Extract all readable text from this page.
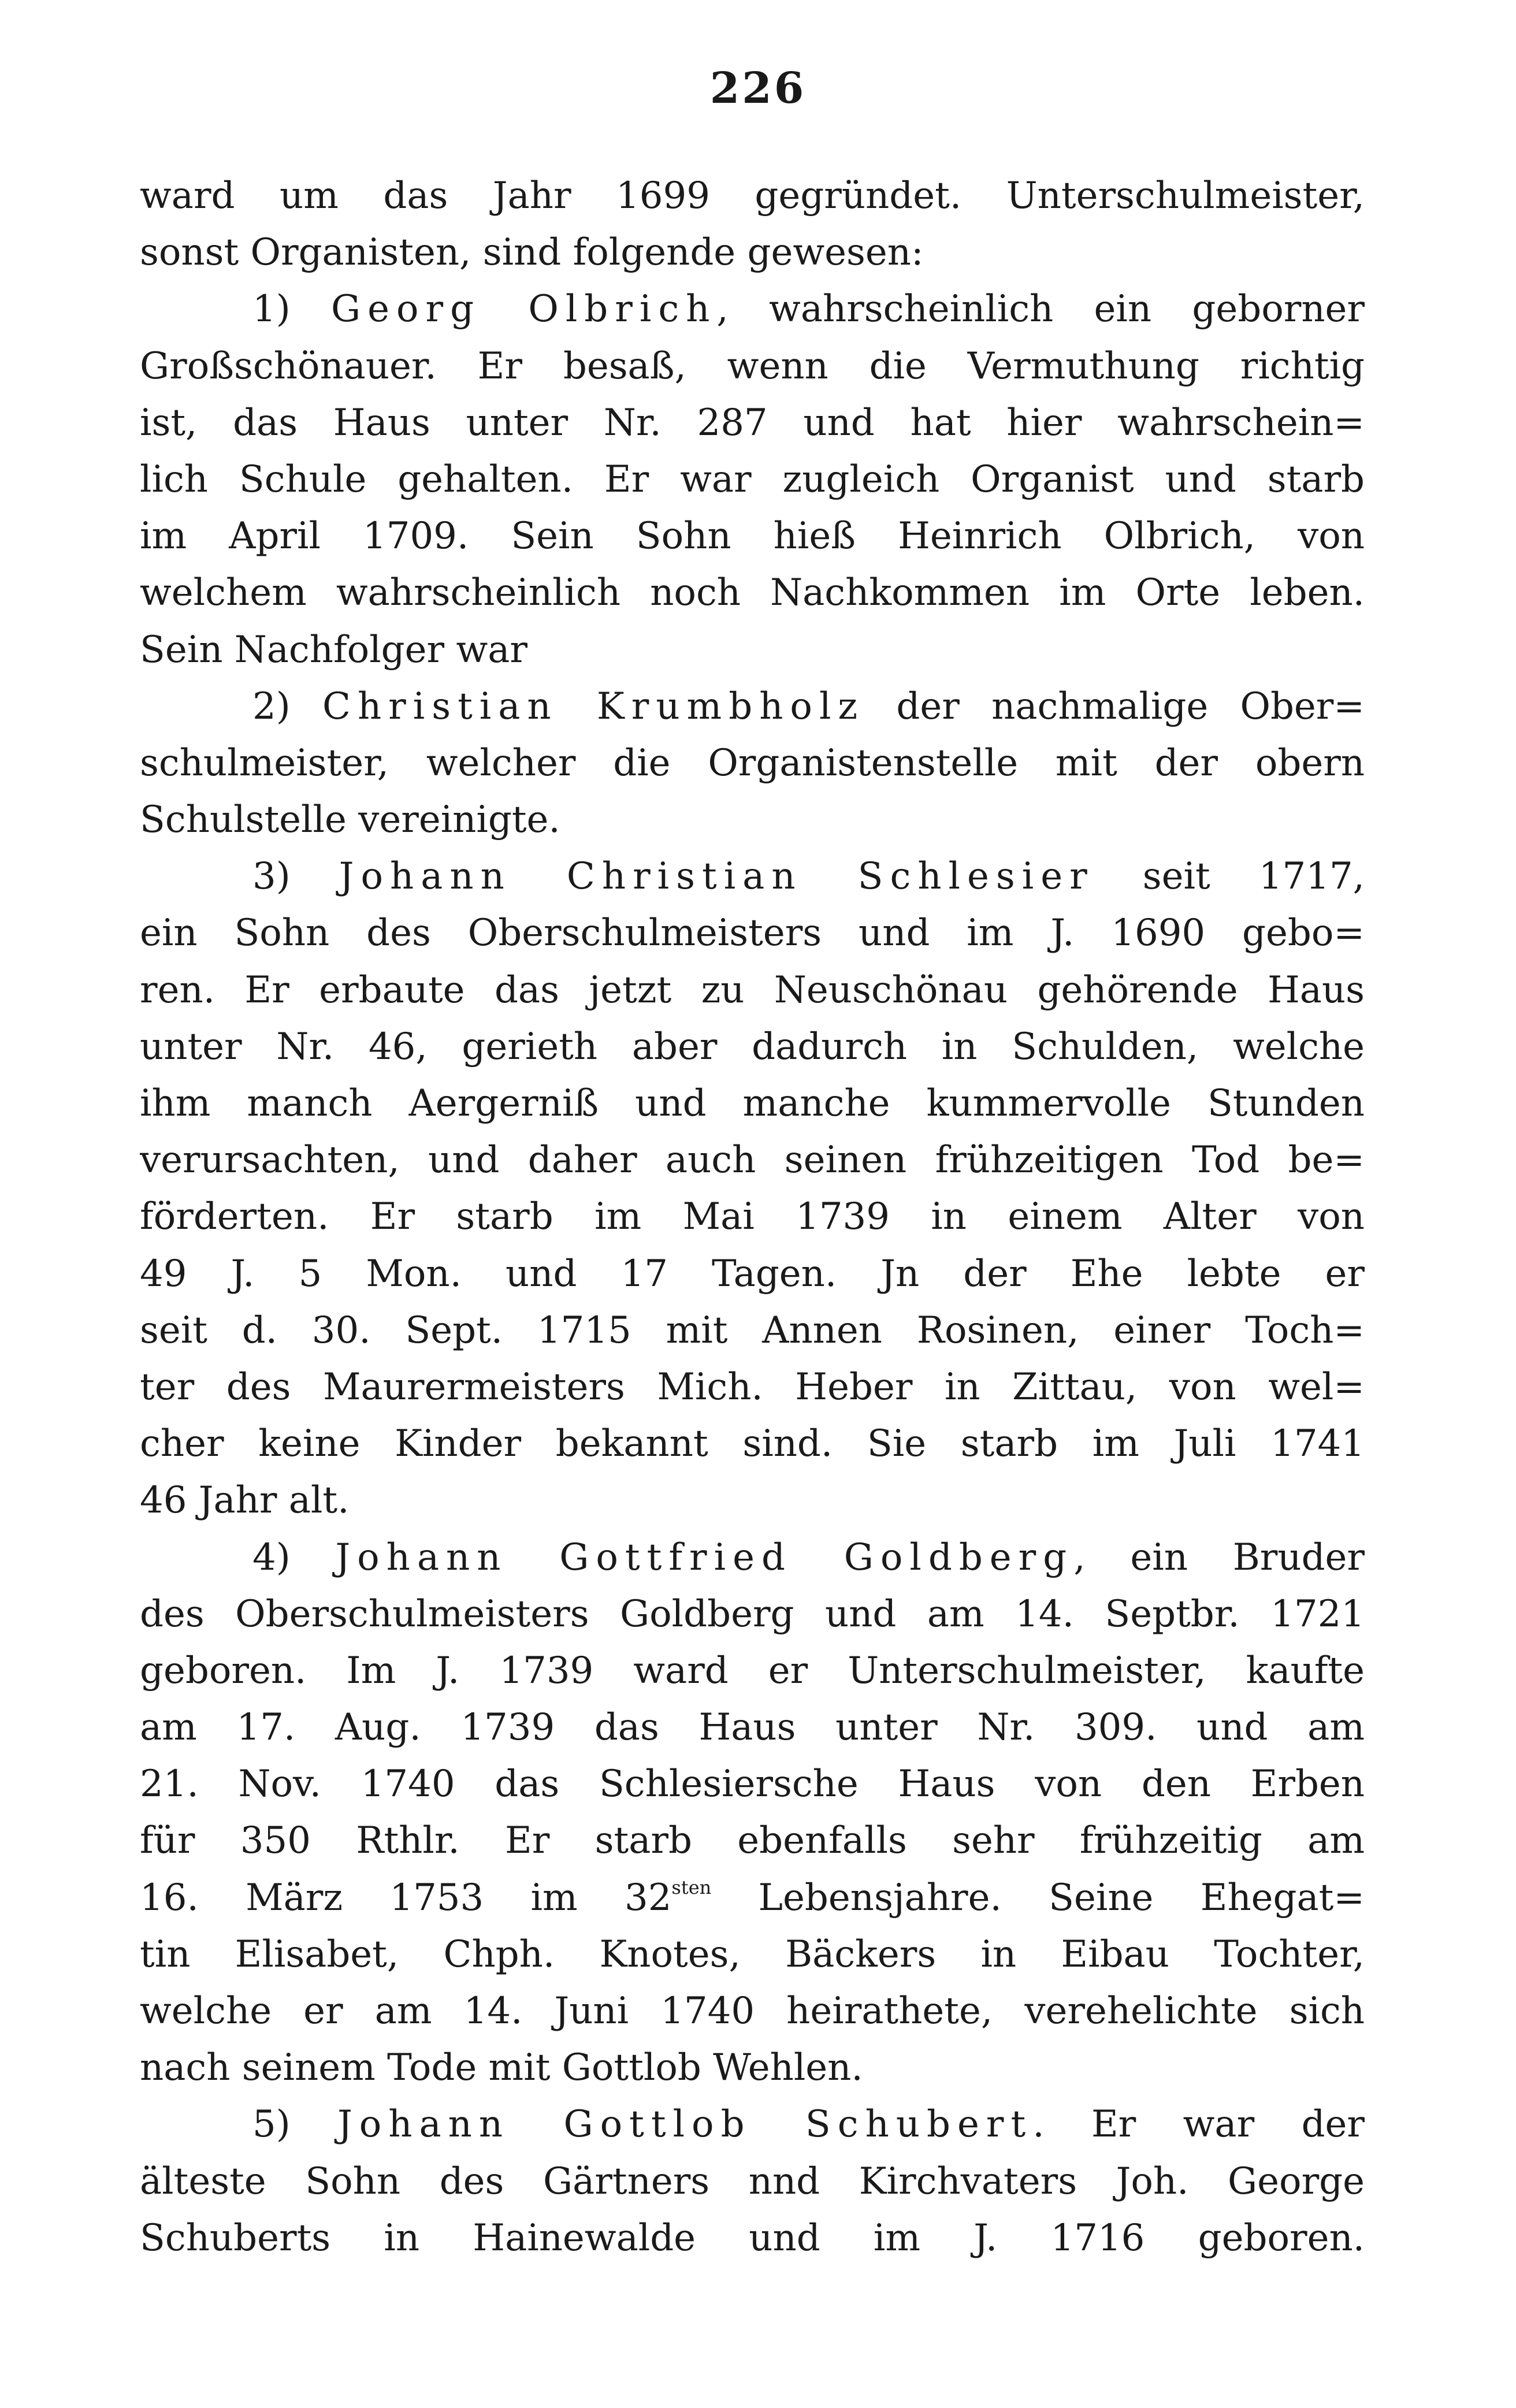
226
ward um das Jahr 1699 gegründet. Unterschulmeister,
sonst Organisten, sind folgende gewesen:
1) Georg Olbrich, wahrscheinlich ein geborner
Großschönauer. Er besaß, wenn die Vermuthung richtig
ist, das Haus unter Nr. 287 und hat hier wahrschein=
lich Schule gehalten. Er war zugleich Organist und starb
im April 1709. Sein Sohn hieß Heinrich Olbrich, von
welchem wahrscheinlich noch Nachkommen im Orte leben.
Sein Nachfolger war
2) Christian Krumbholz der nachmalige Ober=
schulmeister, welcher die Organistenstelle mit der obern
Schulstelle vereinigte.
3) Johann Christian Schlesier seit 1717,
ein Sohn des Oberschulmeisters und im J. 1690 gebo=
ren. Er erbaute das jetzt zu Neuschönau gehörende Haus
unter Nr. 46, gerieth aber dadurch in Schulden, welche
ihm manch Aergerniß und manche kummervolle Stunden
verursachten, und daher auch seinen frühzeitigen Tod be=
förderten. Er starb im Mai 1739 in einem Alter von
49 J. 5 Mon. und 17 Tagen. Jn der Ehe lebte er
seit d. 30. Sept. 1715 mit Annen Rosinen, einer Toch=
ter des Maurermeisters Mich. Heber in Zittau, von wel=
cher keine Kinder bekannt sind. Sie starb im Juli 1741
46 Jahr alt.
4) Johann Gottfried Goldberg, ein Bruder
des Oberschulmeisters Goldberg und am 14. Septbr. 1721
geboren. Im J. 1739 ward er Unterschulmeister, kaufte
am 17. Aug. 1739 das Haus unter Nr. 309. und am
21. Nov. 1740 das Schlesiersche Haus von den Erben
für 350 Rthlr. Er starb ebenfalls sehr frühzeitig am
16. März 1753 im $32^{sten}$ Lebensjahre. Seine Ehegat=
tin Elisabet, Chph. Knotes, Bäckers in Eibau Tochter,
welche er am 14. Juni 1740 heirathete, verehelichte sich
nach seinem Tode mit Gottlob Wehlen.
5) Johann Gottlob Schubert. Er war der
älteste Sohn des Gärtners nnd Kirchvaters Joh. George
Schuberts in Hainewalde und im J. 1716 geboren.
